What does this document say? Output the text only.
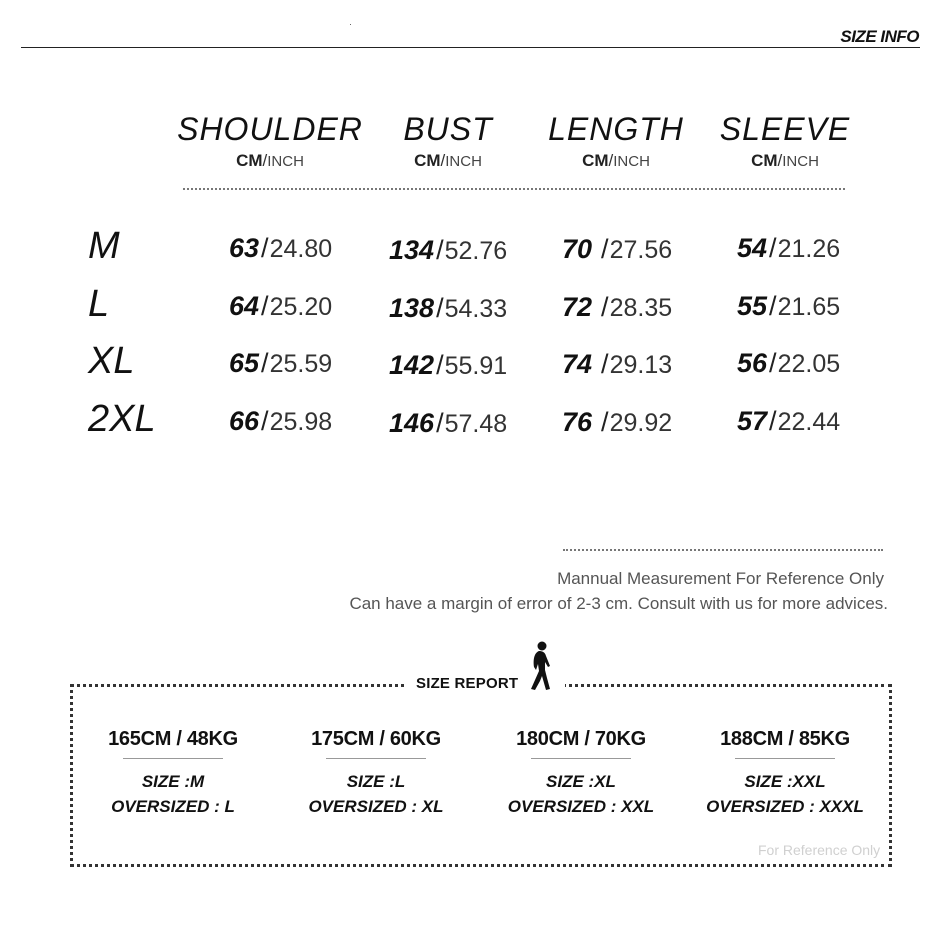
SIZE INFO
SHOULDER
CM/INCH
BUST
CM/INCH
LENGTH
CM/INCH
SLEEVE
CM/INCH
M
L
XL
2XL
63/24.80 134/52.76 70 /27.56 54/21.26
64/25.20 138/54.33 72 /28.35 55/21.65
65/25.59 142/55.91 74 /29.13 56/22.05
66/25.98 146/57.48 76 /29.92 57/22.44
Mannual Measurement For Reference Only
Can have a margin of error of 2-3 cm. Consult with us for more advices.
SIZE REPORT
165CM / 48KG
SIZE :M
OVERSIZED : L
175CM / 60KG
SIZE :L
OVERSIZED : XL
180CM / 70KG
SIZE :XL
OVERSIZED : XXL
188CM / 85KG
SIZE :XXL
OVERSIZED : XXXL
For Reference Only
